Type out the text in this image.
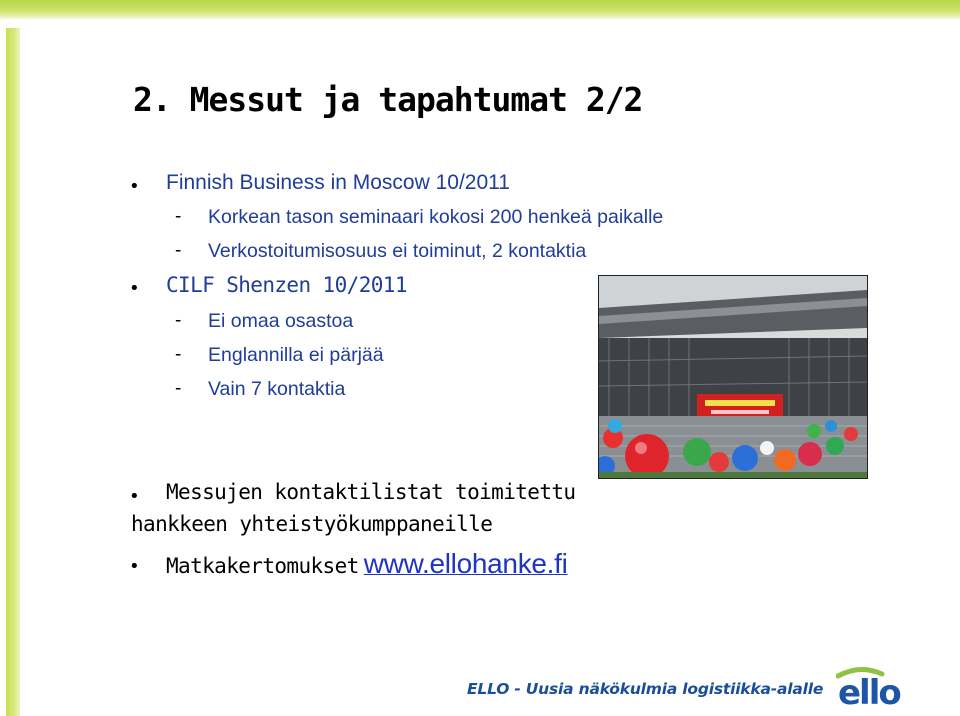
2. Messut ja tapahtumat 2/2
• Finnish Business in Moscow 10/2011
- Korkean tason seminaari kokosi 200 henkeä paikalle
- Verkostoitumisosuus ei toiminut, 2 kontaktia
• CILF Shenzen 10/2011
- Ei omaa osastoa
- Englannilla ei pärjää
- Vain 7 kontaktia
• Messujen kontaktilistat toimitettu
hankkeen yhteistyökumppaneille
• Matkakertomukset www.ellohanke.fi
ELLO - Uusia näkökulmia logistiikka-alalle ello
